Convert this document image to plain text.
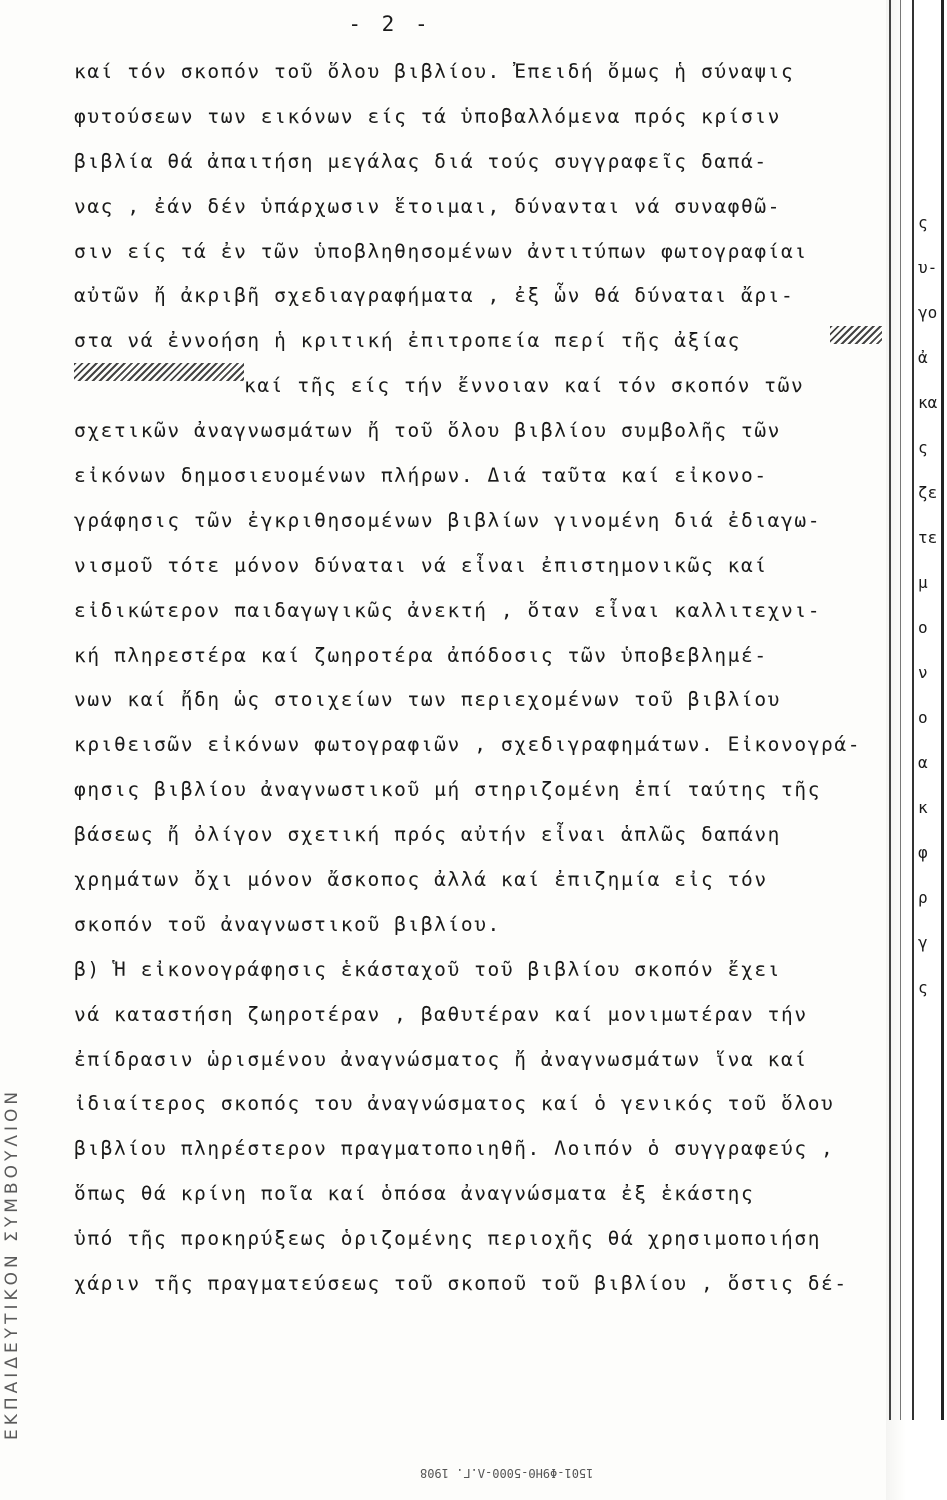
- 2 -
καί τόν σκοπόν τοῦ ὅλου βιβλίου. Ἐπειδή ὅμως ἡ σύναψις
φυτούσεων των εικόνων είς τά ὑποβαλλόμενα πρός κρίσιν
βιβλία θά ἀπαιτήση μεγάλας διά τούς συγγραφεῖς δαπά-
νας , ἐάν δέν ὑπάρχωσιν ἕτοιμαι, δύνανται νά συναφθῶ-
σιν είς τά ἐν τῶν ὑποβληθησομένων ἀντιτύπων φωτογραφίαι
αὐτῶν ἤ ἀκριβῆ σχεδιαγραφήματα , ἐξ ὧν θά δύναται ἄρι-
στα νά ἐννοήση ἡ κριτική ἐπιτροπεία περί τῆς ἀξίας
καί τῆς είς τήν ἔννοιαν καί τόν σκοπόν τῶν
σχετικῶν ἀναγνωσμάτων ἤ τοῦ ὅλου βιβλίου συμβολῆς τῶν
εἰκόνων δημοσιευομένων πλήρων. Διά ταῦτα καί εἰκονο-
γράφησις τῶν ἐγκριθησομένων βιβλίων γινομένη διά ἐδιαγω-
νισμοῦ τότε μόνον δύναται νά εἶναι ἐπιστημονικῶς καί
εἰδικώτερον παιδαγωγικῶς ἀνεκτή , ὅταν εἶναι καλλιτεχνι-
κή πληρεστέρα καί ζωηροτέρα ἀπόδοσις τῶν ὑποβεβλημέ-
νων καί ἤδη ὡς στοιχείων των περιεχομένων τοῦ βιβλίου
κριθεισῶν εἰκόνων φωτογραφιῶν , σχεδιγραφημάτων. Εἰκονογρά-
φησις βιβλίου ἀναγνωστικοῦ μή στηριζομένη ἐπί ταύτης τῆς
βάσεως ἤ ὀλίγον σχετική πρός αὐτήν εἶναι ἁπλῶς δαπάνη
χρημάτων ὄχι μόνον ἄσκοπος ἀλλά καί ἐπιζημία εἰς τόν
σκοπόν τοῦ ἀναγνωστικοῦ βιβλίου.
β) Ἡ εἰκονογράφησις ἑκάσταχοῦ τοῦ βιβλίου σκοπόν ἔχει
νά καταστήση ζωηροτέραν , βαθυτέραν καί μονιμωτέραν τήν
ἐπίδρασιν ὡρισμένου ἀναγνώσματος ἤ ἀναγνωσμάτων ἵνα καί
ἰδιαίτερος σκοπός του ἀναγνώσματος καί ὁ γενικός τοῦ ὅλου
βιβλίου πληρέστερον πραγματοποιηθῆ. Λοιπόν ὁ συγγραφεύς ,
ὅπως θά κρίνη ποῖα καί ὁπόσα ἀναγνώσματα ἐξ ἑκάστης
ὑπό τῆς προκηρύξεως ὁριζομένης περιοχῆς θά χρησιμοποιήση
χάριν τῆς πραγματεύσεως τοῦ σκοποῦ τοῦ βιβλίου , ὅστις δέ-
ς
υ-
γο
ἀ
κα
ς
ζε
τε
μ
ο
ν
ο
α
κ
φ
ρ
γ
ς
ΕΚΠΑΙΔΕΥΤΙΚΟΝ ΣΥΜΒΟΥΛΙΟΝ
1501-Φ9ΗΘ-5000-Λ.Γ. 1908
